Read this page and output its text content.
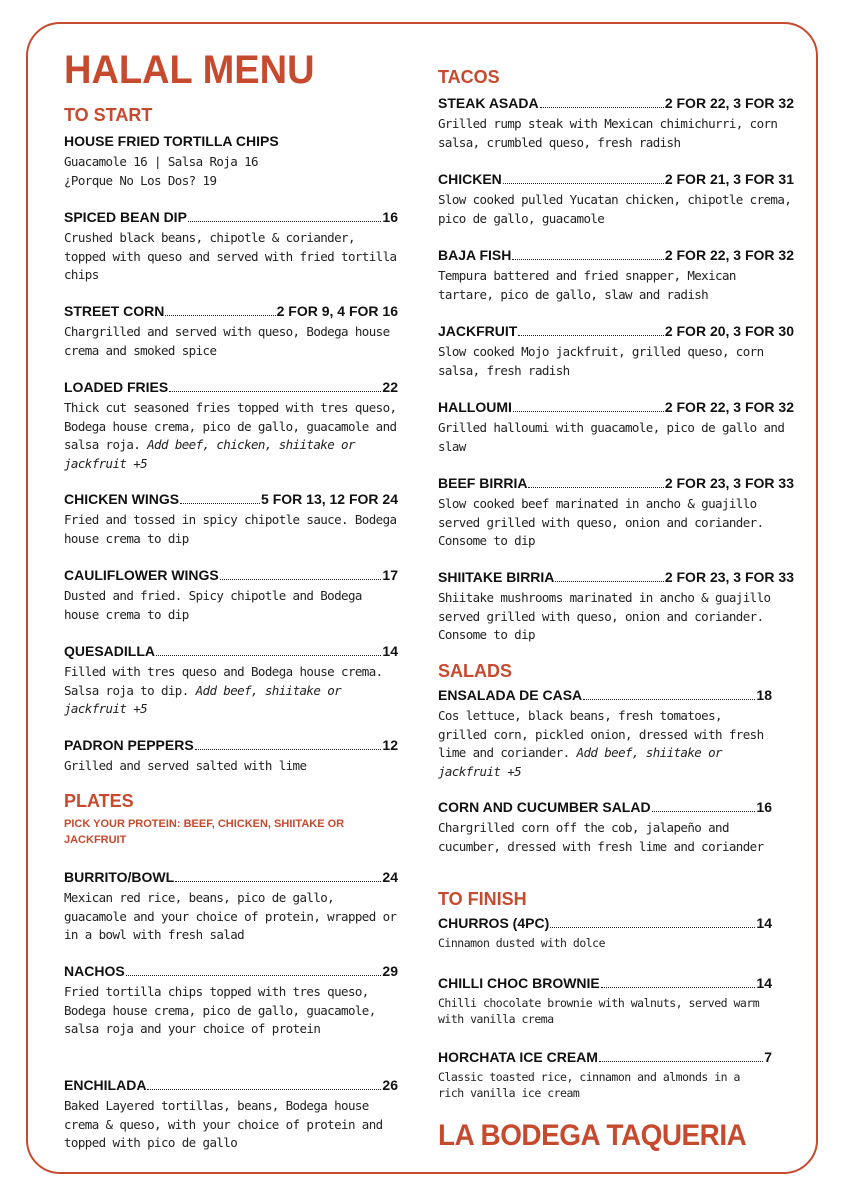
HALAL MENU
TO START

HOUSE FRIED TORTILLA CHIPS

Guacamole 16 | Salsa Roja 16
¿Porque No Los Dos? 19

SPICED BEAN DIP	16

Crushed black beans, chipotle & coriander, topped with queso and served with fried tortilla chips

STREET CORN	2 FOR 9, 4 FOR 16

Chargrilled and served with queso, Bodega house crema and smoked spice

LOADED FRIES	22

Thick cut seasoned fries topped with tres queso, Bodega house crema, pico de gallo, guacamole and salsa roja. Add beef, chicken, shiitake or jackfruit +5

CHICKEN WINGS	5 FOR 13, 12 FOR 24

Fried and tossed in spicy chipotle sauce. Bodega house crema to dip

CAULIFLOWER WINGS	17

Dusted and fried. Spicy chipotle and Bodega house crema to dip

QUESADILLA	14

Filled with tres queso and Bodega house crema. Salsa roja to dip. Add beef, shiitake or jackfruit +5

PADRON PEPPERS	12

Grilled and served salted with lime

PLATES

PICK YOUR PROTEIN: BEEF, CHICKEN, SHIITAKE OR JACKFRUIT

BURRITO/BOWL	24

Mexican red rice, beans, pico de gallo, guacamole and your choice of protein, wrapped or in a bowl with fresh salad

NACHOS	29

Fried tortilla chips topped with tres queso, Bodega house crema, pico de gallo, guacamole, salsa roja and your choice of protein

ENCHILADA	26

Baked Layered tortillas, beans, Bodega house crema & queso, with your choice of protein and topped with pico de gallo

TACOS
STEAK ASADA	2 FOR 22, 3 FOR 32

Grilled rump steak with Mexican chimichurri, corn salsa, crumbled queso, fresh radish

CHICKEN	2 FOR 21, 3 FOR 31

Slow cooked pulled Yucatan chicken, chipotle crema, pico de gallo, guacamole

BAJA FISH	2 FOR 22, 3 FOR 32

Tempura battered and fried snapper, Mexican tartare, pico de gallo, slaw and radish

JACKFRUIT	2 FOR 20, 3 FOR 30

Slow cooked Mojo jackfruit, grilled queso, corn salsa, fresh radish

HALLOUMI	2 FOR 22, 3 FOR 32

Grilled halloumi with guacamole, pico de gallo and slaw

BEEF BIRRIA	2 FOR 23, 3 FOR 33

Slow cooked beef marinated in ancho & guajillo served grilled with queso, onion and coriander. Consome to dip

SHIITAKE BIRRIA	2 FOR 23, 3 FOR 33

Shiitake mushrooms marinated in ancho & guajillo served grilled with queso, onion and coriander. Consome to dip

SALADS
ENSALADA DE CASA	18

Cos lettuce, black beans, fresh tomatoes, grilled corn, pickled onion, dressed with fresh lime and coriander. Add beef, shiitake or jackfruit +5

CORN AND CUCUMBER SALAD	16

Chargrilled corn off the cob, jalapeño and cucumber, dressed with fresh lime and coriander

TO FINISH
CHURROS (4PC)	14

Cinnamon dusted with dolce

CHILLI CHOC BROWNIE	14

Chilli chocolate brownie with walnuts, served warm with vanilla crema

HORCHATA ICE CREAM	7

Classic toasted rice, cinnamon and almonds in a rich vanilla ice cream

LA BODEGA TAQUERIA
